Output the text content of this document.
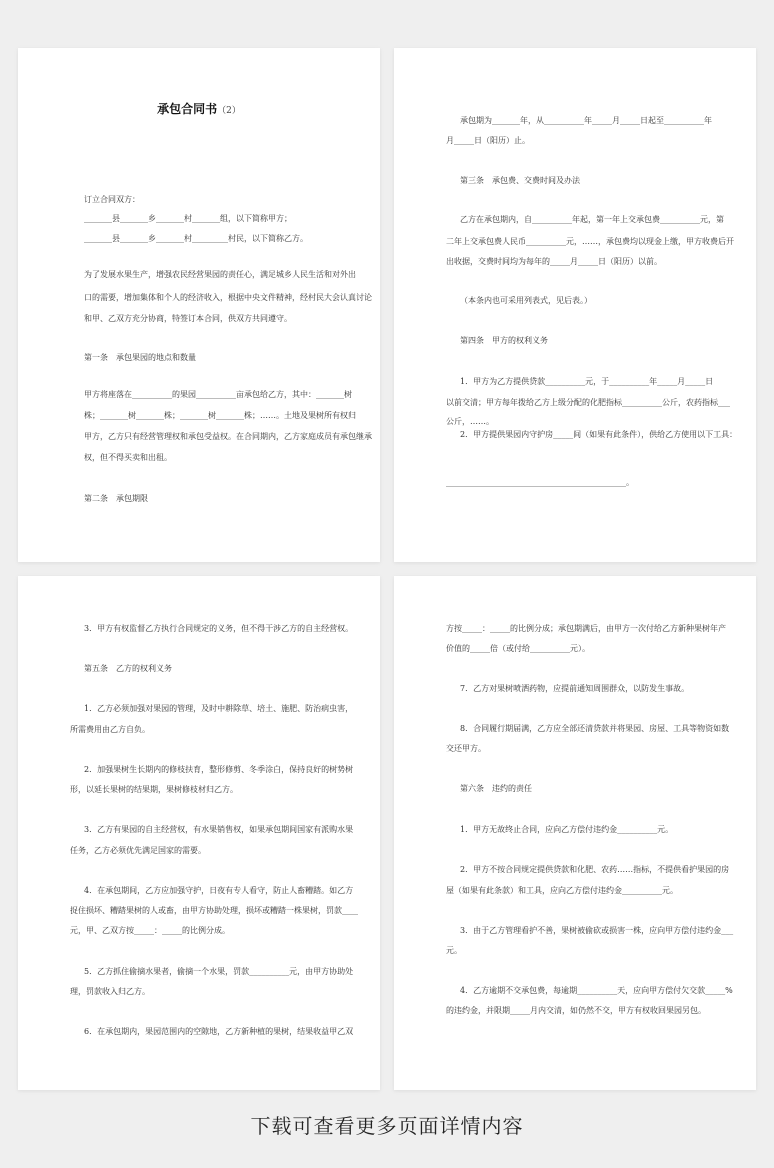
承包合同书（2）
订立合同双方：
_______县_______乡_______村_______组，以下简称甲方；
_______县_______乡_______村_________村民，以下简称乙方。
为了发展水果生产，增强农民经营果园的责任心，满足城乡人民生活和对外出
口的需要，增加集体和个人的经济收入，根据中央文件精神，经村民大会认真讨论
和甲、乙双方充分协商，特签订本合同，供双方共同遵守。
第一条　承包果园的地点和数量
甲方将座落在__________的果园__________亩承包给乙方，其中：_______树
株；_______树_______株；_______树_______株；……。土地及果树所有权归
甲方，乙方只有经营管理权和承包受益权。在合同期内，乙方家庭成员有承包继承
权，但不得买卖和出租。
第二条　承包期限
承包期为_______年，从__________年_____月_____日起至__________年
月_____日（阳历）止。
第三条　承包费、交费时间及办法
乙方在承包期内，自__________年起，第一年上交承包费__________元，第
二年上交承包费人民币__________元，……，承包费均以现金上缴，甲方收费后开
出收据，交费时间均为每年的_____月_____日（阳历）以前。
（本条内也可采用列表式，见后表。）
第四条　甲方的权利义务
1．甲方为乙方提供贷款__________元，于__________年_____月_____日
以前交清；甲方每年拨给乙方上级分配的化肥指标__________公斤，农药指标___
公斤，……。
2．甲方提供果园内守护房_____间（如果有此条件），供给乙方使用以下工具：
_____________________________________________。
3．甲方有权监督乙方执行合同规定的义务，但不得干涉乙方的自主经营权。
第五条　乙方的权利义务
1．乙方必须加强对果园的管理，及时中耕除草、培土、施肥、防治病虫害，
所需费用由乙方自负。
2．加强果树生长期内的修枝扶育，整形修剪、冬季涂白，保持良好的树势树
形，以延长果树的结果期，果树修枝材归乙方。
3．乙方有果园的自主经营权，有水果销售权，如果承包期间国家有派购水果
任务，乙方必须优先满足国家的需要。
4．在承包期间，乙方应加强守护，日夜有专人看守，防止人畜糟踏。如乙方
捉住损坏、糟踏果树的人或畜，由甲方协助处理，损坏或糟踏一株果树，罚款____
元，甲、乙双方按_____：_____的比例分成。
5．乙方抓住偷摘水果者，偷摘一个水果，罚款__________元，由甲方协助处
理，罚款收入归乙方。
6．在承包期内，果园范围内的空隙地，乙方新种植的果树，结果收益甲乙双
方按_____：_____的比例分成；承包期满后，由甲方一次付给乙方新种果树年产
价值的_____倍（或付给__________元）。
7．乙方对果树喷洒药物，应提前通知周围群众，以防发生事故。
8．合同履行期届满，乙方应全部还清贷款并将果园、房屋、工具等物资如数
交还甲方。
第六条　违约的责任
1．甲方无故终止合同，应向乙方偿付违约金__________元。
2．甲方不按合同规定提供贷款和化肥、农药……指标，不提供看护果园的房
屋（如果有此条款）和工具，应向乙方偿付违约金__________元。
3．由于乙方管理看护不善，果树被偷砍或损害一株，应向甲方偿付违约金___
元。
4．乙方逾期不交承包费，每逾期__________天，应向甲方偿付欠交款_____%
的违约金，并限期_____月内交清，如仍然不交，甲方有权收回果园另包。
下载可查看更多页面详情内容
